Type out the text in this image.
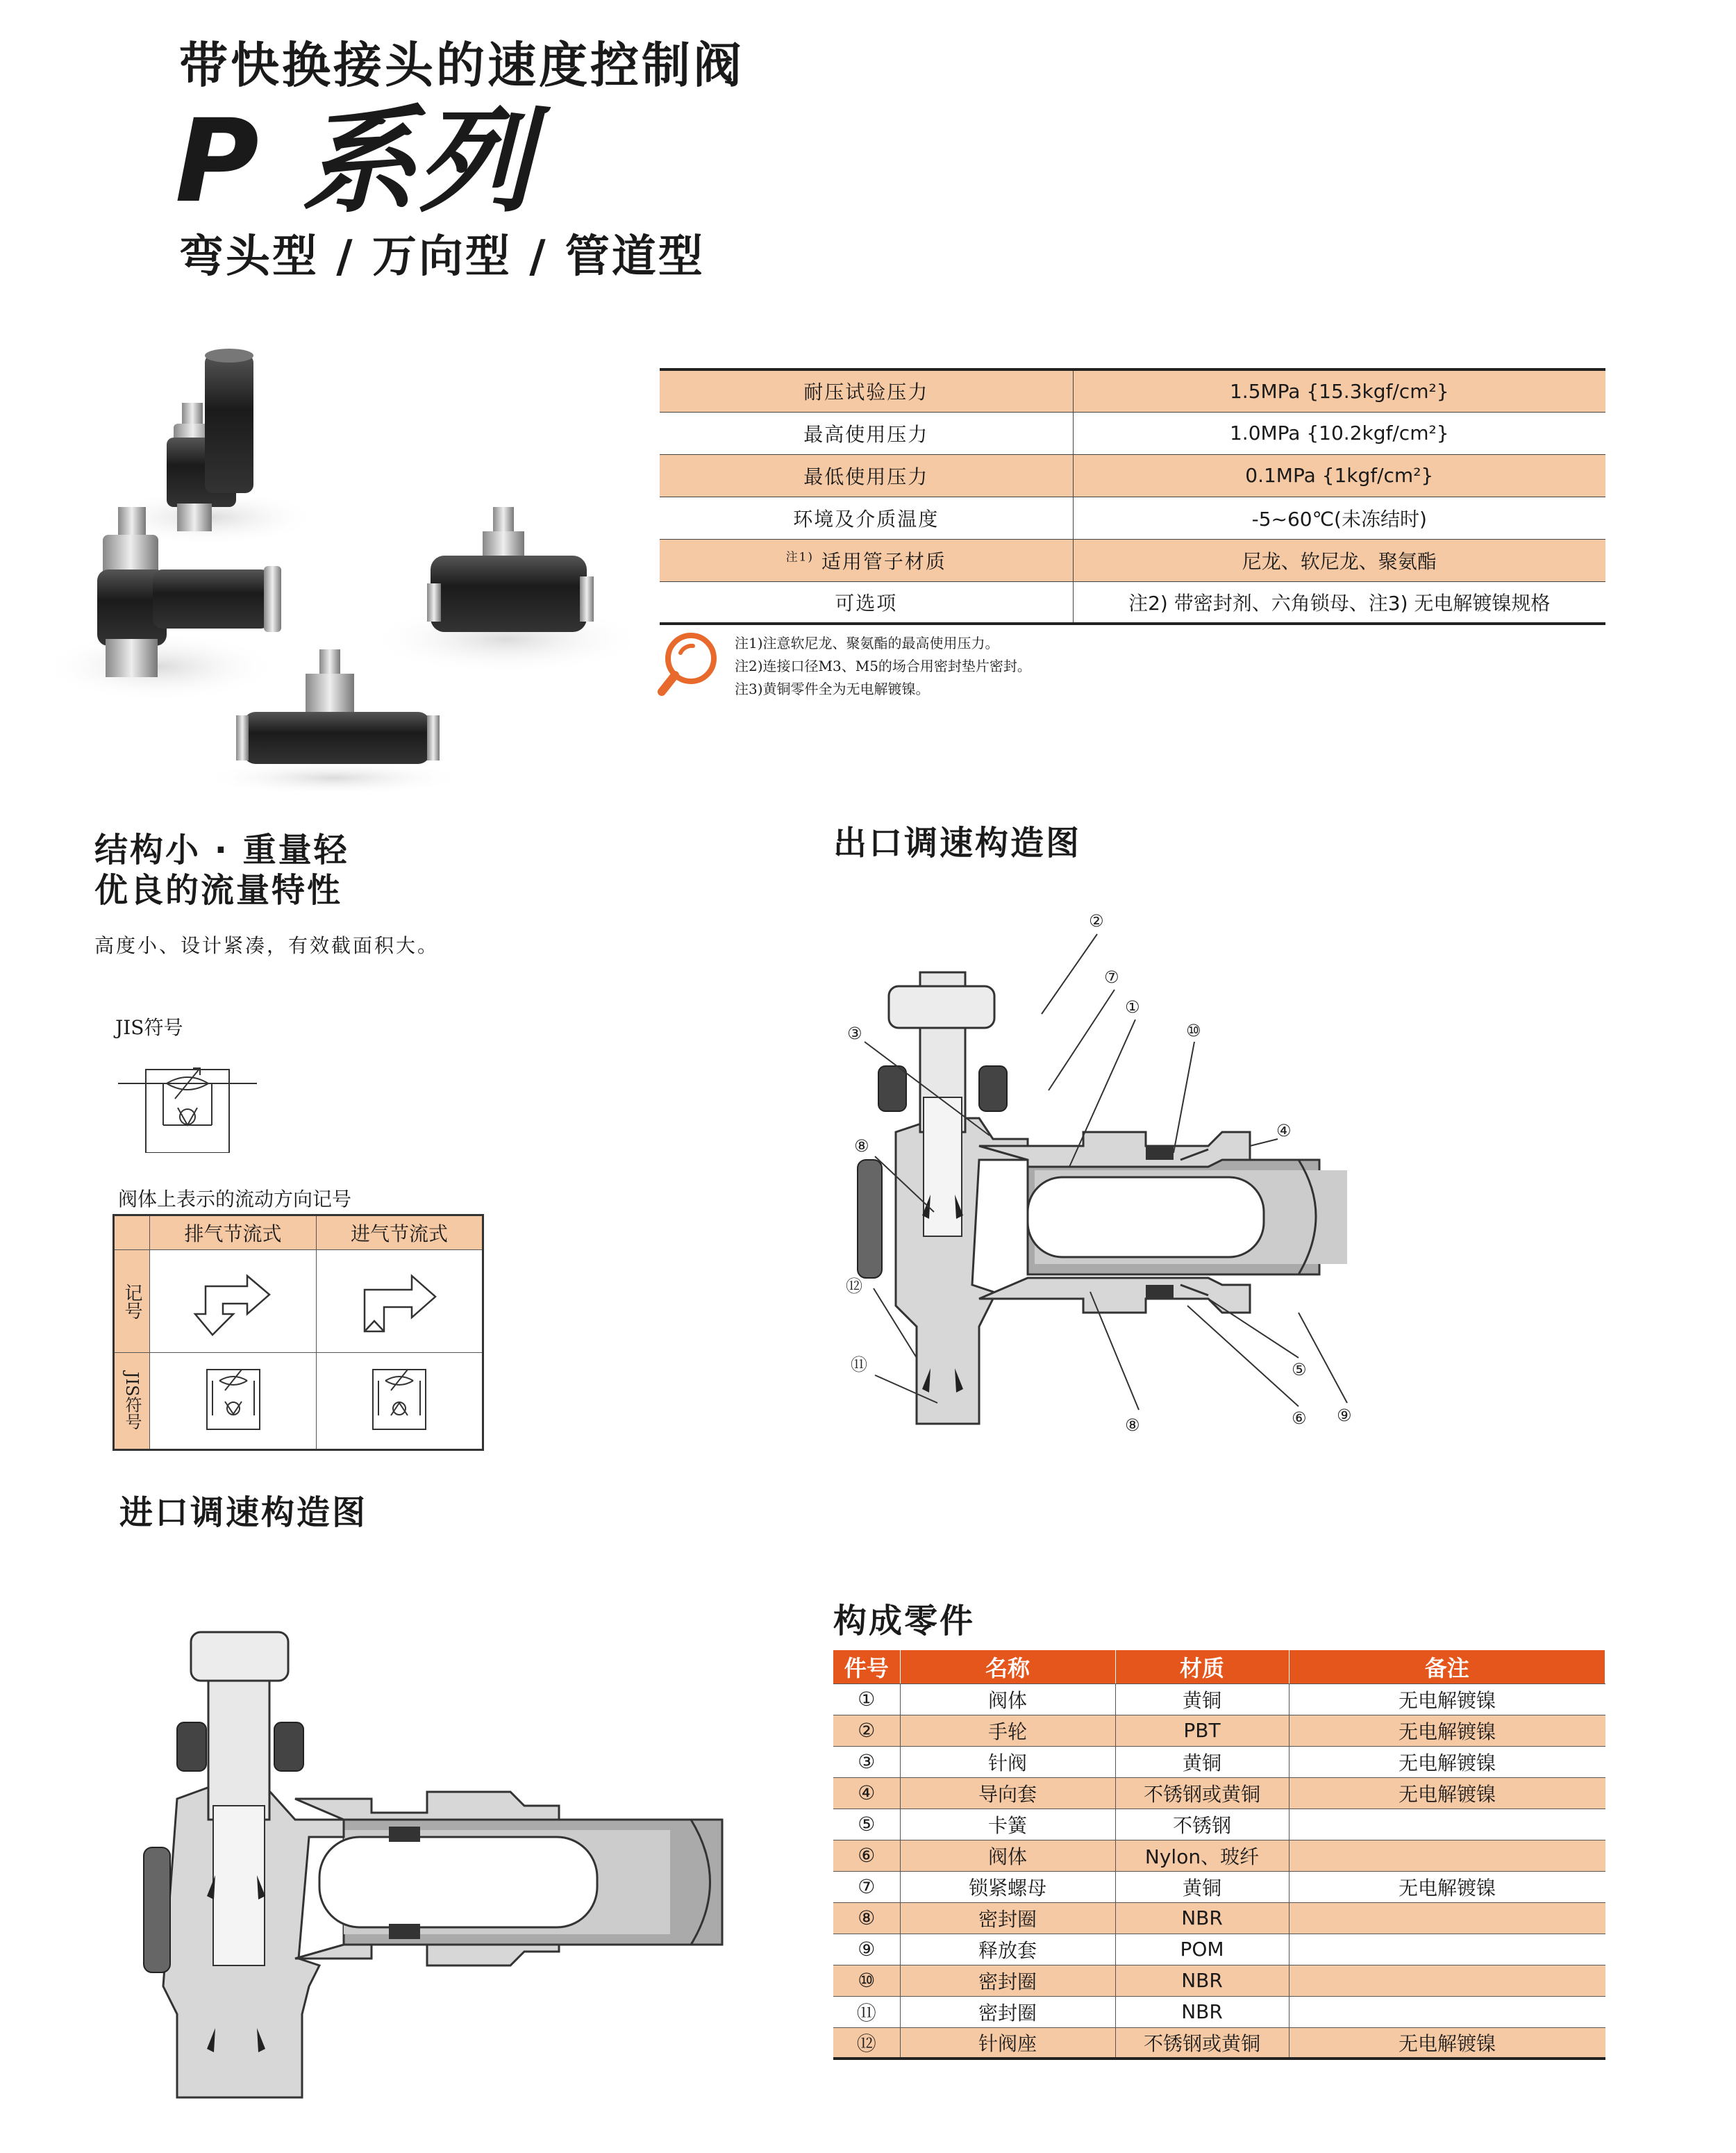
带快换接头的速度控制阀
P 系列
弯头型 / 万向型 / 管道型
耐压试验压力	1.5MPa {15.3kgf/cm²}
最高使用压力	1.0MPa {10.2kgf/cm²}
最低使用压力	0.1MPa {1kgf/cm²}
环境及介质温度	-5~60℃(未冻结时)
$^{注1)}$ 适用管子材质	尼龙、软尼龙、聚氨酯
可选项	注2) 带密封剂、六角锁母、注3) 无电解镀镍规格
注1)注意软尼龙、聚氨酯的最高使用压力。
注2)连接口径M3、M5的场合用密封垫片密封。
注3)黄铜零件全为无电解镀镍。
结构小 · 重量轻
优良的流量特性
高度小、设计紧凑，有效截面积大。
JIS符号
阀体上表示的流动方向记号
	排气节流式	进气节流式
记号		

JIS符号

出口调速构造图
②
⑦
①
③	⑩
④
⑧
⑫
⑪
⑧	⑨
⑤
⑥
进口调速构造图
构成零件
件号	名称	材质	备注
①	阀体	黄铜	无电解镀镍
②	手轮	PBT	无电解镀镍
③	针阀	黄铜	无电解镀镍
④	导向套	不锈钢或黄铜	无电解镀镍
⑤	卡簧	不锈钢	
⑥	阀体	Nylon、玻纤	
⑦	锁紧螺母	黄铜	无电解镀镍
⑧	密封圈	NBR	
⑨	释放套	POM	
⑩	密封圈	NBR	
⑪	密封圈	NBR	
⑫	针阀座	不锈钢或黄铜	无电解镀镍
